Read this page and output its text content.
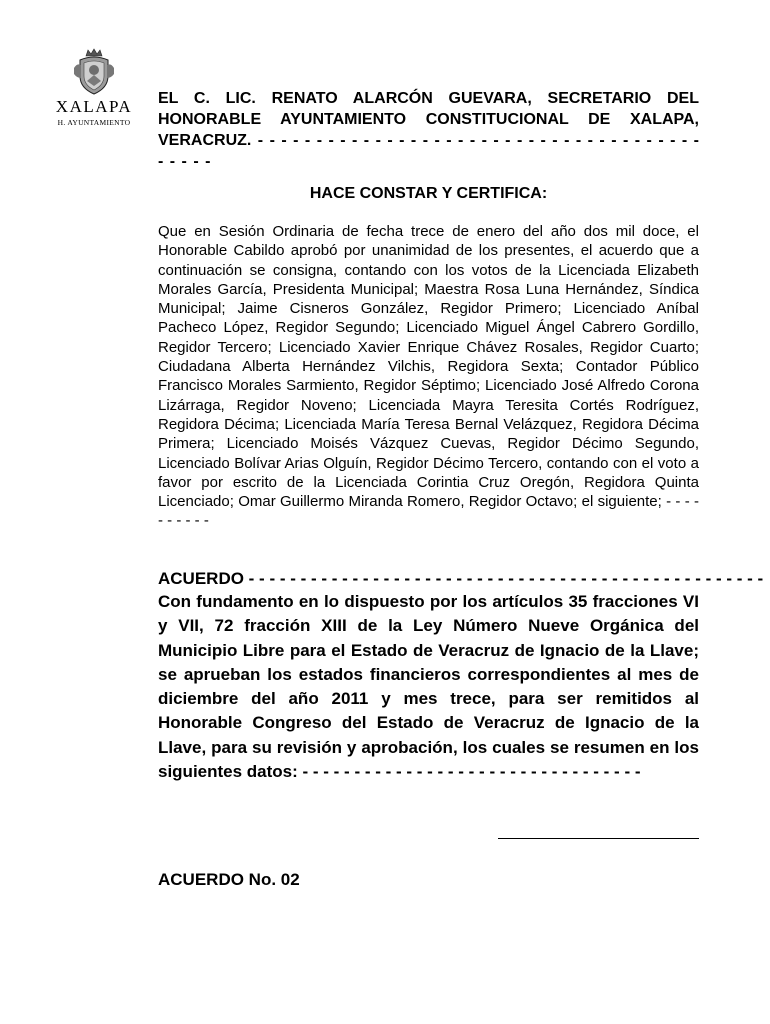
XALAPA
H. AYUNTAMIENTO
EL C. LIC. RENATO ALARCÓN GUEVARA, SECRETARIO DEL HONORABLE AYUNTAMIENTO CONSTITUCIONAL DE XALAPA, VERACRUZ. - - - - - - - - - - - - - - - - - - - - - - - - - - - - - - - - - - - - - - - - - - -
HACE CONSTAR Y CERTIFICA:
Que en Sesión Ordinaria de fecha trece de enero del año dos mil doce, el Honorable Cabildo aprobó por unanimidad de los presentes, el acuerdo que a continuación se consigna, contando con los votos de la Licenciada Elizabeth Morales García, Presidenta Municipal; Maestra Rosa Luna Hernández, Síndica Municipal; Jaime Cisneros González, Regidor Primero; Licenciado Aníbal Pacheco López, Regidor Segundo; Licenciado Miguel Ángel Cabrero Gordillo, Regidor Tercero; Licenciado Xavier Enrique Chávez Rosales, Regidor Cuarto; Ciudadana Alberta Hernández Vilchis, Regidora Sexta; Contador Público Francisco Morales Sarmiento, Regidor Séptimo; Licenciado José Alfredo Corona Lizárraga, Regidor Noveno; Licenciada Mayra Teresita Cortés Rodríguez, Regidora Décima; Licenciada María Teresa Bernal Velázquez, Regidora Décima Primera; Licenciado Moisés Vázquez Cuevas, Regidor Décimo Segundo, Licenciado Bolívar Arias Olguín, Regidor Décimo Tercero, contando con el voto a favor por escrito de la Licenciada Corintia Cruz Oregón, Regidora Quinta Licenciado; Omar Guillermo Miranda Romero, Regidor Octavo; el siguiente; - - - - - - - - - -
ACUERDO - - - - - - - - - - - - - - - - - - - - - - - - - - - - - - - - - - - - - - - - - - - - - - - - - -
Con fundamento en lo dispuesto por los artículos 35 fracciones VI y VII, 72 fracción XIII de la Ley Número Nueve Orgánica del Municipio Libre para el Estado de Veracruz de Ignacio de la Llave; se aprueban los estados financieros correspondientes al mes de diciembre del año 2011 y mes trece, para ser remitidos al Honorable Congreso del Estado de Veracruz de Ignacio de la Llave, para su revisión y aprobación, los cuales se resumen en los siguientes datos: - - - - - - - - - - - - - - - - - - - - - - - - - - - - - - - - -
ACUERDO No. 02
